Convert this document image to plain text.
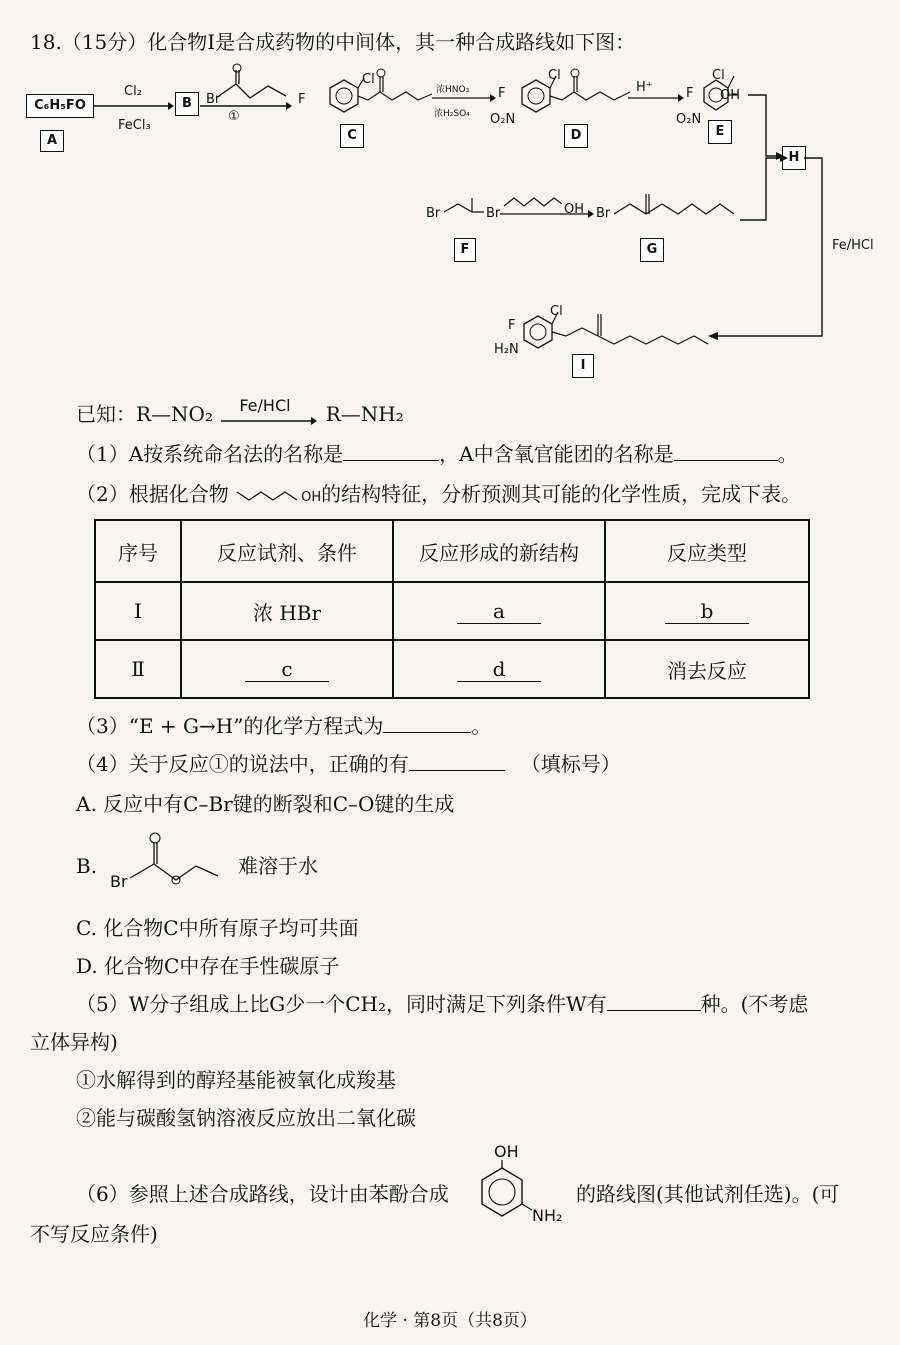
18.（15分）化合物Ⅰ是合成药物的中间体，其一种合成路线如下图：
C₆H₅FO
A
Cl₂
FeCl₃
B	Br
①
F
Cl
C
浓HNO₃
浓H₂SO₄
F
Cl
O₂N
D
H⁺	F
Cl
OH
O₂N
E
H
Fe/HCl
Br	Br
F
OH Br
G
F
H₂N
Cl
I
已知：R—NO₂ Fe/HCl R—NH₂
（1）A按系统命名法的名称是	，A中含氧官能团的名称是	。
（2）根据化合物	OH的结构特征，分析预测其可能的化学性质，完成下表。
序号	反应试剂、条件	反应形成的新结构	反应类型
Ⅰ	浓 HBr	a	b
Ⅱ	c	d	消去反应
（3）“E + G→H”的化学方程式为	。
（4）关于反应①的说法中，正确的有	（填标号）
A. 反应中有C–Br键的断裂和C–O键的生成
B.
Br
难溶于水
C. 化合物C中所有原子均可共面
D. 化合物C中存在手性碳原子
（5）W分子组成上比G少一个CH₂，同时满足下列条件W有	种。(不考虑
立体异构)
①水解得到的醇羟基能被氧化成羧基
②能与碳酸氢钠溶液反应放出二氧化碳
（6）参照上述合成路线，设计由苯酚合成
OH
NH₂
的路线图(其他试剂任选)。(可
不写反应条件)
化学 · 第8页（共8页）
